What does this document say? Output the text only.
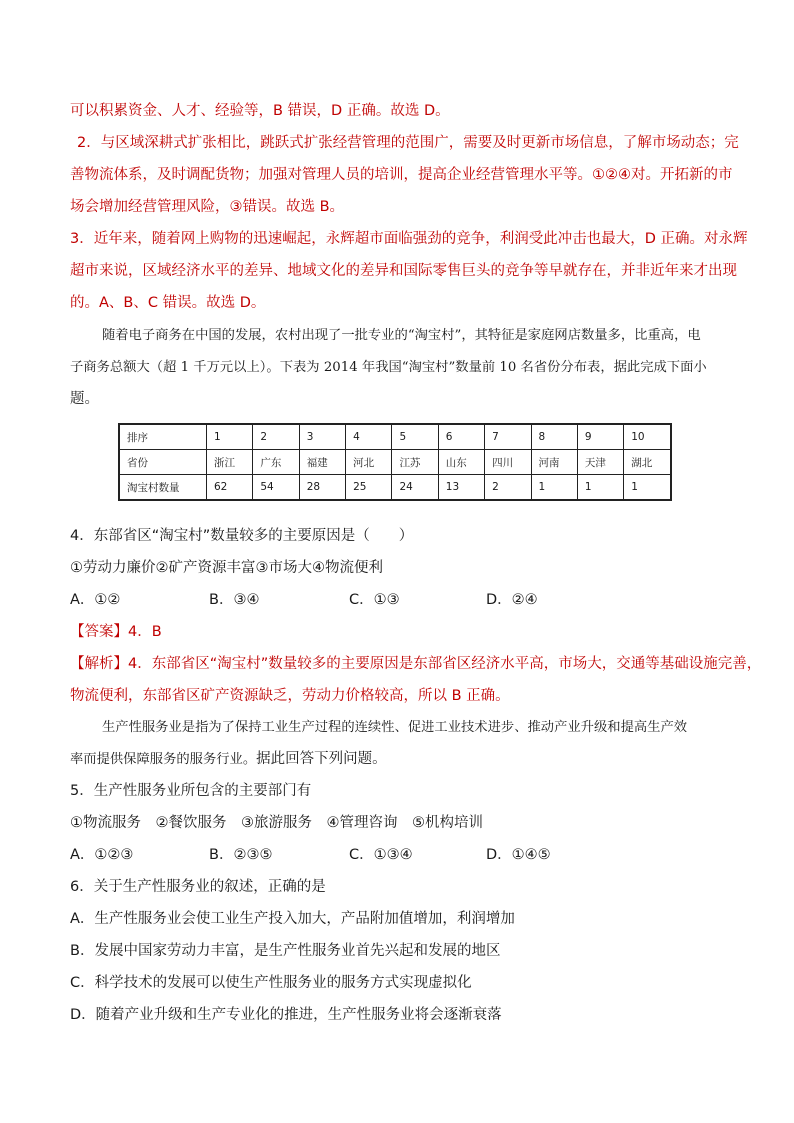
可以积累资金、人才、经验等，B 错误，D 正确。故选 D。
2．与区域深耕式扩张相比，跳跃式扩张经营管理的范围广，需要及时更新市场信息，了解市场动态；完
善物流体系，及时调配货物；加强对管理人员的培训，提高企业经营管理水平等。①②④对。开拓新的市
场会增加经营管理风险，③错误。故选 B。
3．近年来，随着网上购物的迅速崛起，永辉超市面临强劲的竞争，利润受此冲击也最大，D 正确。对永辉
超市来说，区域经济水平的差异、地域文化的差异和国际零售巨头的竞争等早就存在，并非近年来才出现
的。A、B、C 错误。故选 D。
随着电子商务在中国的发展，农村出现了一批专业的“淘宝村”，其特征是家庭网店数量多，比重高，电
子商务总额大（超 1 千万元以上）。下表为 2014 年我国“淘宝村”数量前 10 名省份分布表，据此完成下面小
题。
排序	1	2	3	4	5	6	7	8	9	10
省份	浙江	广东	福建	河北	江苏	山东	四川	河南	天津	湖北
淘宝村数量	62	54	28	25	24	13	2	1	1	1
4．东部省区“淘宝村”数量较多的主要原因是（　　）
①劳动力廉价②矿产资源丰富③市场大④物流便利
A．①②	B．③④	C．①③	D．②④
【答案】4．B
【解析】4．东部省区“淘宝村”数量较多的主要原因是东部省区经济水平高，市场大，交通等基础设施完善，
物流便利，东部省区矿产资源缺乏，劳动力价格较高，所以 B 正确。
生产性服务业是指为了保持工业生产过程的连续性、促进工业技术进步、推动产业升级和提高生产效
率而提供保障服务的服务行业。据此回答下列问题。
5．生产性服务业所包含的主要部门有
①物流服务　②餐饮服务　③旅游服务　④管理咨询　⑤机构培训
A．①②③	B．②③⑤	C．①③④	D．①④⑤
6．关于生产性服务业的叙述，正确的是
A．生产性服务业会使工业生产投入加大，产品附加值增加，利润增加
B．发展中国家劳动力丰富，是生产性服务业首先兴起和发展的地区
C．科学技术的发展可以使生产性服务业的服务方式实现虚拟化
D．随着产业升级和生产专业化的推进，生产性服务业将会逐渐衰落
